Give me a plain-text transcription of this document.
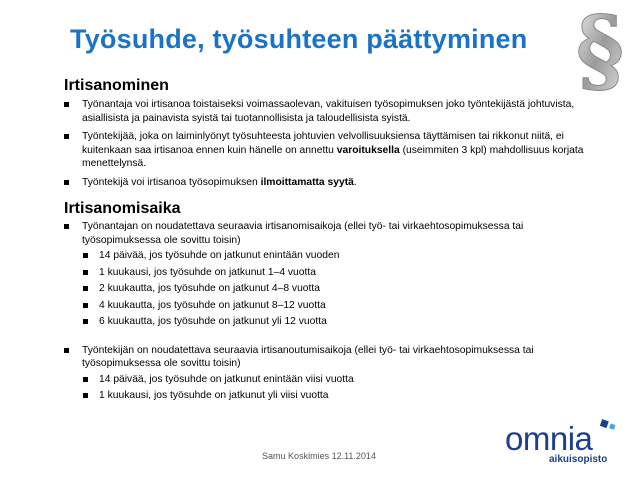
Työsuhde, työsuhteen päättyminen §
Irtisanominen

Työnantaja voi irtisanoa toistaiseksi voimassaolevan, vakituisen työsopimuksen joko työntekijästä johtuvista,
asiallisista ja painavista syistä tai tuotannollisista ja taloudellisista syistä.

Työntekijää, joka on laiminlyönyt työsuhteesta johtuvien velvollisuuksiensa täyttämisen tai rikkonut niitä, ei
kuitenkaan saa irtisanoa ennen kuin hänelle on annettu varoituksella (useimmiten 3 kpl) mahdollisuus korjata
menettelynsä.

Työntekijä voi irtisanoa työsopimuksen ilmoittamatta syytä.

Irtisanomisaika

Työnantajan on noudatettava seuraavia irtisanomisaikoja (ellei työ- tai virkaehtosopimuksessa tai
työsopimuksessa ole sovittu toisin)

14 päivää, jos työsuhde on jatkunut enintään vuoden

1 kuukausi, jos työsuhde on jatkunut 1–4 vuotta

2 kuukautta, jos työsuhde on jatkunut 4–8 vuotta

4 kuukautta, jos työsuhde on jatkunut 8–12 vuotta

6 kuukautta, jos työsuhde on jatkunut yli 12 vuotta

Työntekijän on noudatettava seuraavia irtisanoutumisaikoja (ellei työ- tai virkaehtosopimuksessa tai
työsopimuksessa ole sovittu toisin)

14 päivää, jos työsuhde on jatkunut enintään viisi vuotta

1 kuukausi, jos työsuhde on jatkunut yli viisi vuotta

Samu Koskimies 12.11.2014	omnia
aikuisopisto
